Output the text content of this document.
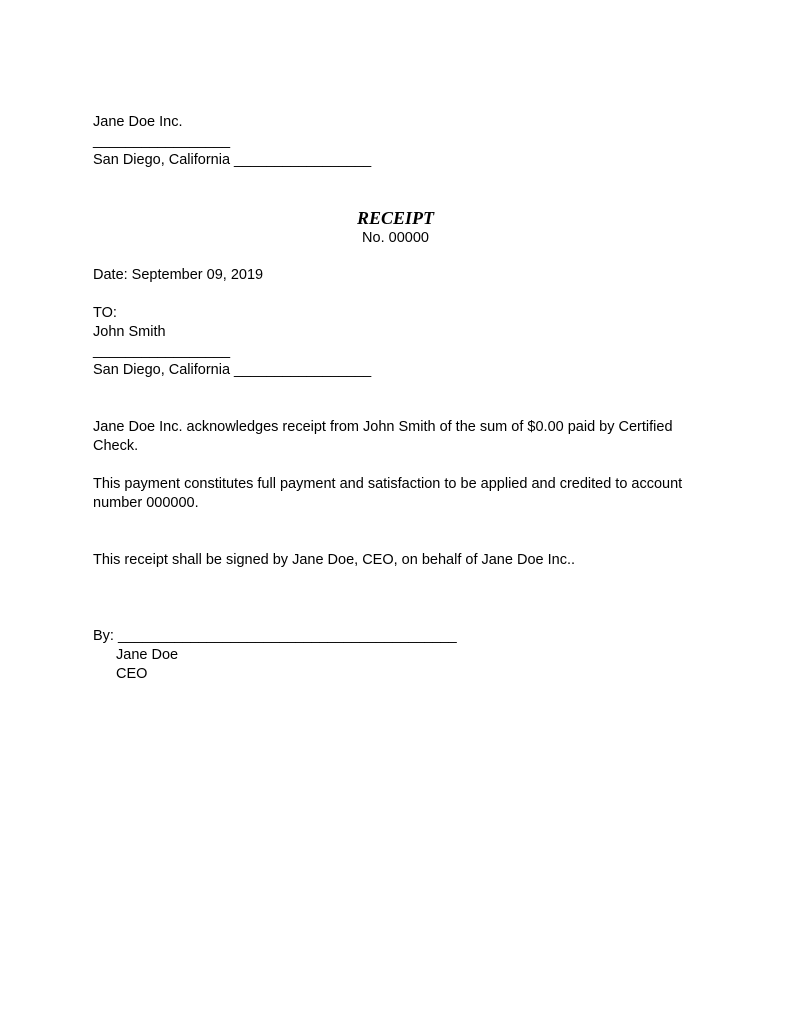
Jane Doe Inc.
_________________
San Diego, California _________________
RECEIPT
No. 00000
Date: September 09, 2019
TO:
John Smith
_________________
San Diego, California _________________
Jane Doe Inc. acknowledges receipt from John Smith of the sum of $0.00 paid by Certified Check.
This payment constitutes full payment and satisfaction to be applied and credited to account number 000000.
This receipt shall be signed by Jane Doe, CEO, on behalf of Jane Doe Inc..
By: __________________________________________
Jane Doe
CEO
